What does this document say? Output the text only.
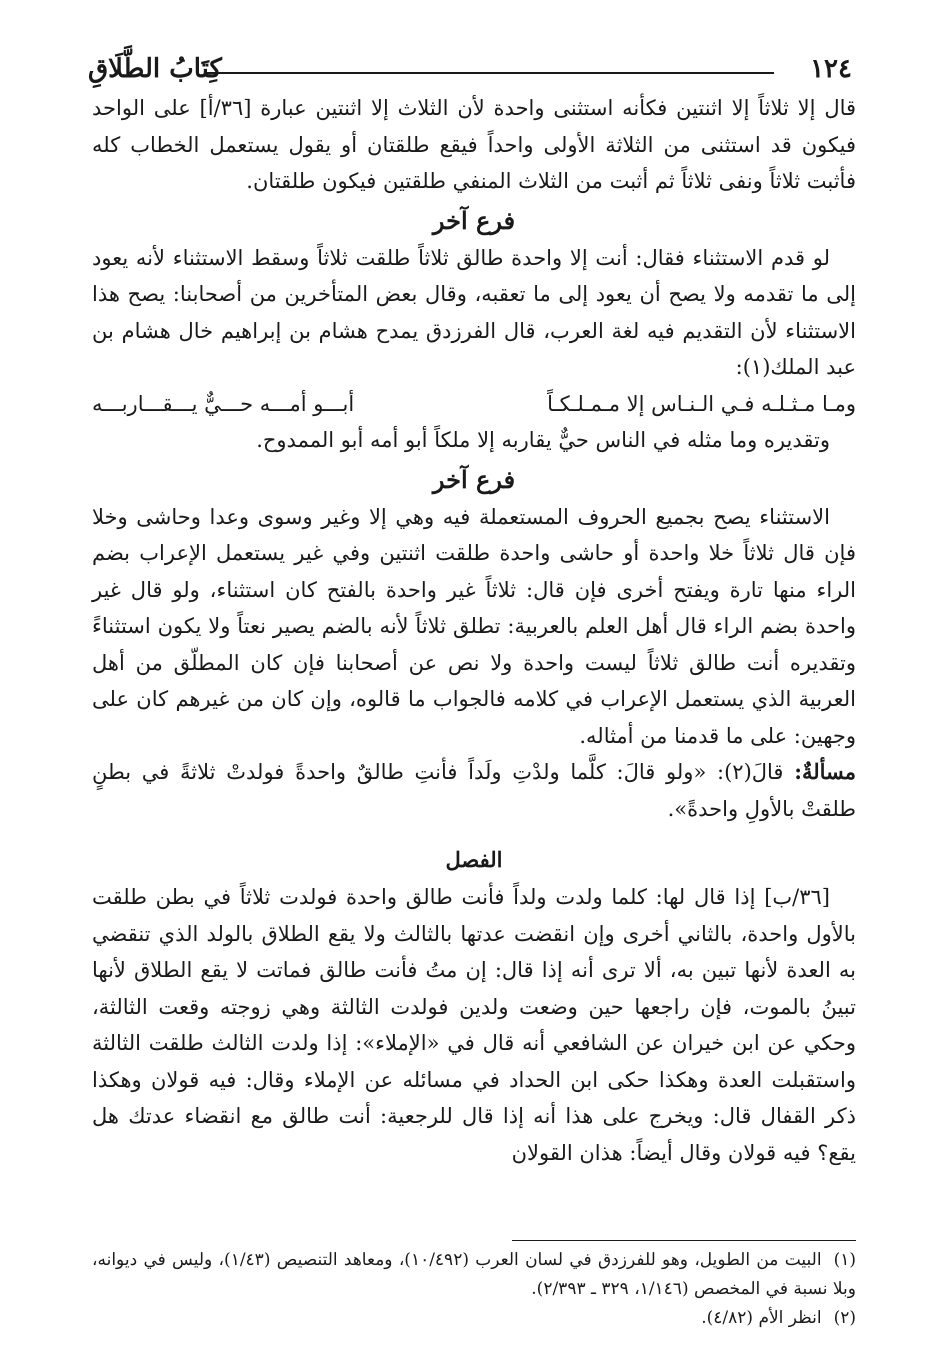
كِتَابُ الطَّلَاقِ	١٢٤

قال إلا ثلاثاً إلا اثنتين فكأنه استثنى واحدة لأن الثلاث إلا اثنتين عبارة [٣٦/أ] على الواحد فيكون قد استثنى من الثلاثة الأولى واحداً فيقع طلقتان أو يقول يستعمل الخطاب كله فأثبت ثلاثاً ونفى ثلاثاً ثم أثبت من الثلاث المنفي طلقتين فيكون طلقتان.

فرع آخر

لو قدم الاستثناء فقال: أنت إلا واحدة طالق ثلاثاً طلقت ثلاثاً وسقط الاستثناء لأنه يعود إلى ما تقدمه ولا يصح أن يعود إلى ما تعقبه، وقال بعض المتأخرين من أصحابنا: يصح هذا الاستثناء لأن التقديم فيه لغة العرب، قال الفرزدق يمدح هشام بن إبراهيم خال هشام بن عبد الملك(١):

ومـا مـثـلـه فـي الـنـاس إلا مـمـلـكـاً
أبـــو أمـــه حـــيٌّ يـــقـــاربـــه

وتقديره وما مثله في الناس حيٌّ يقاربه إلا ملكاً أبو أمه أبو الممدوح.

فرع آخر

الاستثناء يصح بجميع الحروف المستعملة فيه وهي إلا وغير وسوى وعدا وحاشى وخلا فإن قال ثلاثاً خلا واحدة أو حاشى واحدة طلقت اثنتين وفي غير يستعمل الإعراب بضم الراء منها تارة ويفتح أخرى فإن قال: ثلاثاً غير واحدة بالفتح كان استثناء، ولو قال غير واحدة بضم الراء قال أهل العلم بالعربية: تطلق ثلاثاً لأنه بالضم يصير نعتاً ولا يكون استثناءً وتقديره أنت طالق ثلاثاً ليست واحدة ولا نص عن أصحابنا فإن كان المطلّق من أهل العربية الذي يستعمل الإعراب في كلامه فالجواب ما قالوه، وإن كان من غيرهم كان على وجهين: على ما قدمنا من أمثاله.

مسألةٌ: قالَ(٢): «ولو قالَ: كلَّما ولدْتِ ولَداً فأنتِ طالقٌ واحدةً فولدتْ ثلاثةً في بطنٍ طلقتْ بالأولِ واحدةً».

الفصل

[٣٦/ب] إذا قال لها: كلما ولدت ولداً فأنت طالق واحدة فولدت ثلاثاً في بطن طلقت بالأول واحدة، بالثاني أخرى وإن انقضت عدتها بالثالث ولا يقع الطلاق بالولد الذي تنقضي به العدة لأنها تبين به، ألا ترى أنه إذا قال: إن متُ فأنت طالق فماتت لا يقع الطلاق لأنها تبينُ بالموت، فإن راجعها حين وضعت ولدين فولدت الثالثة وهي زوجته وقعت الثالثة، وحكي عن ابن خيران عن الشافعي أنه قال في «الإملاء»: إذا ولدت الثالث طلقت الثالثة واستقبلت العدة وهكذا حكى ابن الحداد في مسائله عن الإملاء وقال: فيه قولان وهكذا ذكر القفال قال: ويخرج على هذا أنه إذا قال للرجعية: أنت طالق مع انقضاء عدتك هل يقع؟ فيه قولان وقال أيضاً: هذان القولان

(١)البيت من الطويل، وهو للفرزدق في لسان العرب (١٠/٤٩٢)، ومعاهد التنصيص (١/٤٣)، وليس في ديوانه، وبلا نسبة في المخصص (١/١٤٦، ٣٢٩ ـ ٢/٣٩٣).

(٢)انظر الأم (٤/٨٢).
